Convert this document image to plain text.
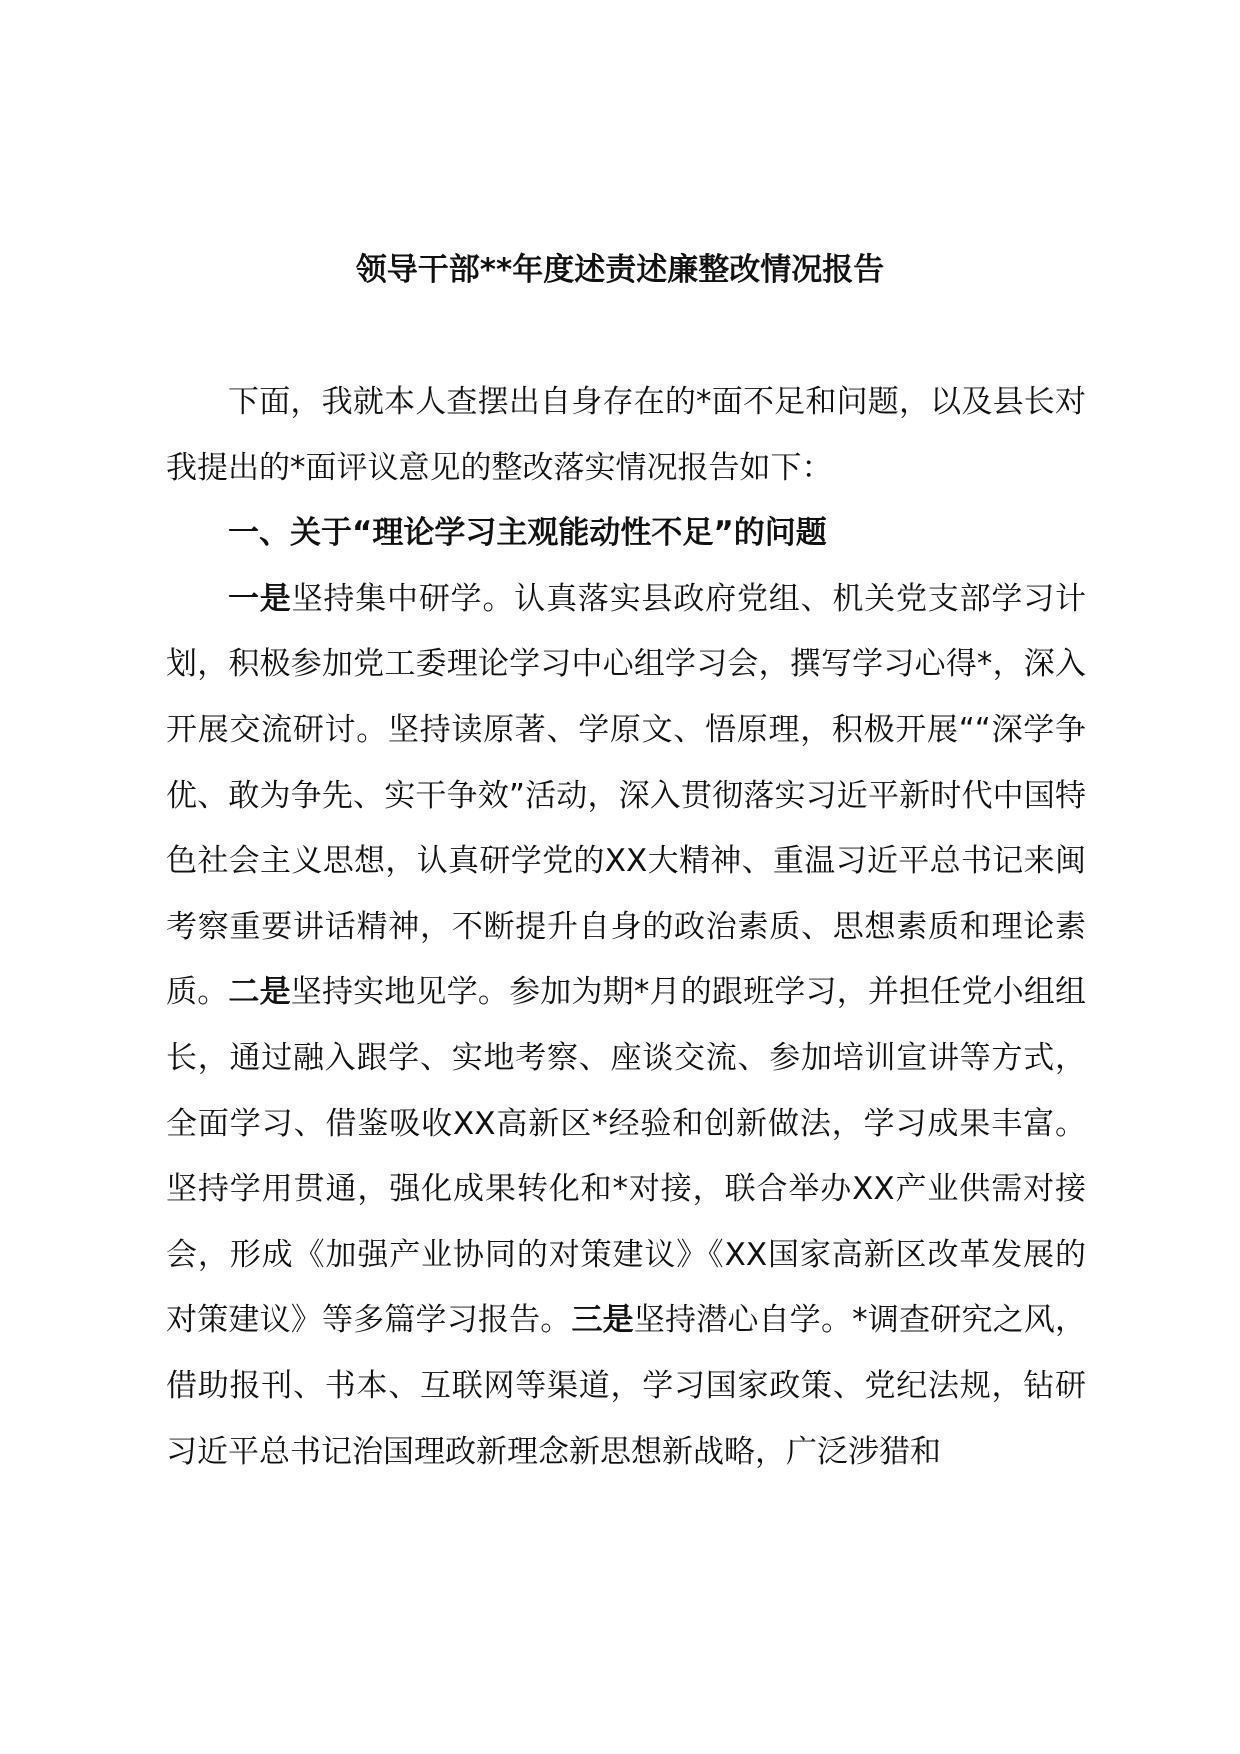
领导干部**年度述责述廉整改情况报告

下面，我就本人查摆出自身存在的*面不足和问题，以及县长对我提出的*面评议意见的整改落实情况报告如下：

一、关于“理论学习主观能动性不足”的问题

一是坚持集中研学。认真落实县政府党组、机关党支部学习计划，积极参加党工委理论学习中心组学习会，撰写学习心得*，深入开展交流研讨。坚持读原著、学原文、悟原理，积极开展““深学争优、敢为争先、实干争效”活动，深入贯彻落实习近平新时代中国特色社会主义思想，认真研学党的XX大精神、重温习近平总书记来闽考察重要讲话精神，不断提升自身的政治素质、思想素质和理论素质。二是坚持实地见学。参加为期*月的跟班学习，并担任党小组组长，通过融入跟学、实地考察、座谈交流、参加培训宣讲等方式，全面学习、借鉴吸收XX高新区*经验和创新做法，学习成果丰富。坚持学用贯通，强化成果转化和*对接，联合举办XX产业供需对接会，形成《加强产业协同的对策建议》《XX国家高新区改革发展的对策建议》等多篇学习报告。三是坚持潜心自学。*调查研究之风，借助报刊、书本、互联网等渠道，学习国家政策、党纪法规，钻研习近平总书记治国理政新理念新思想新战略，广泛涉猎和
